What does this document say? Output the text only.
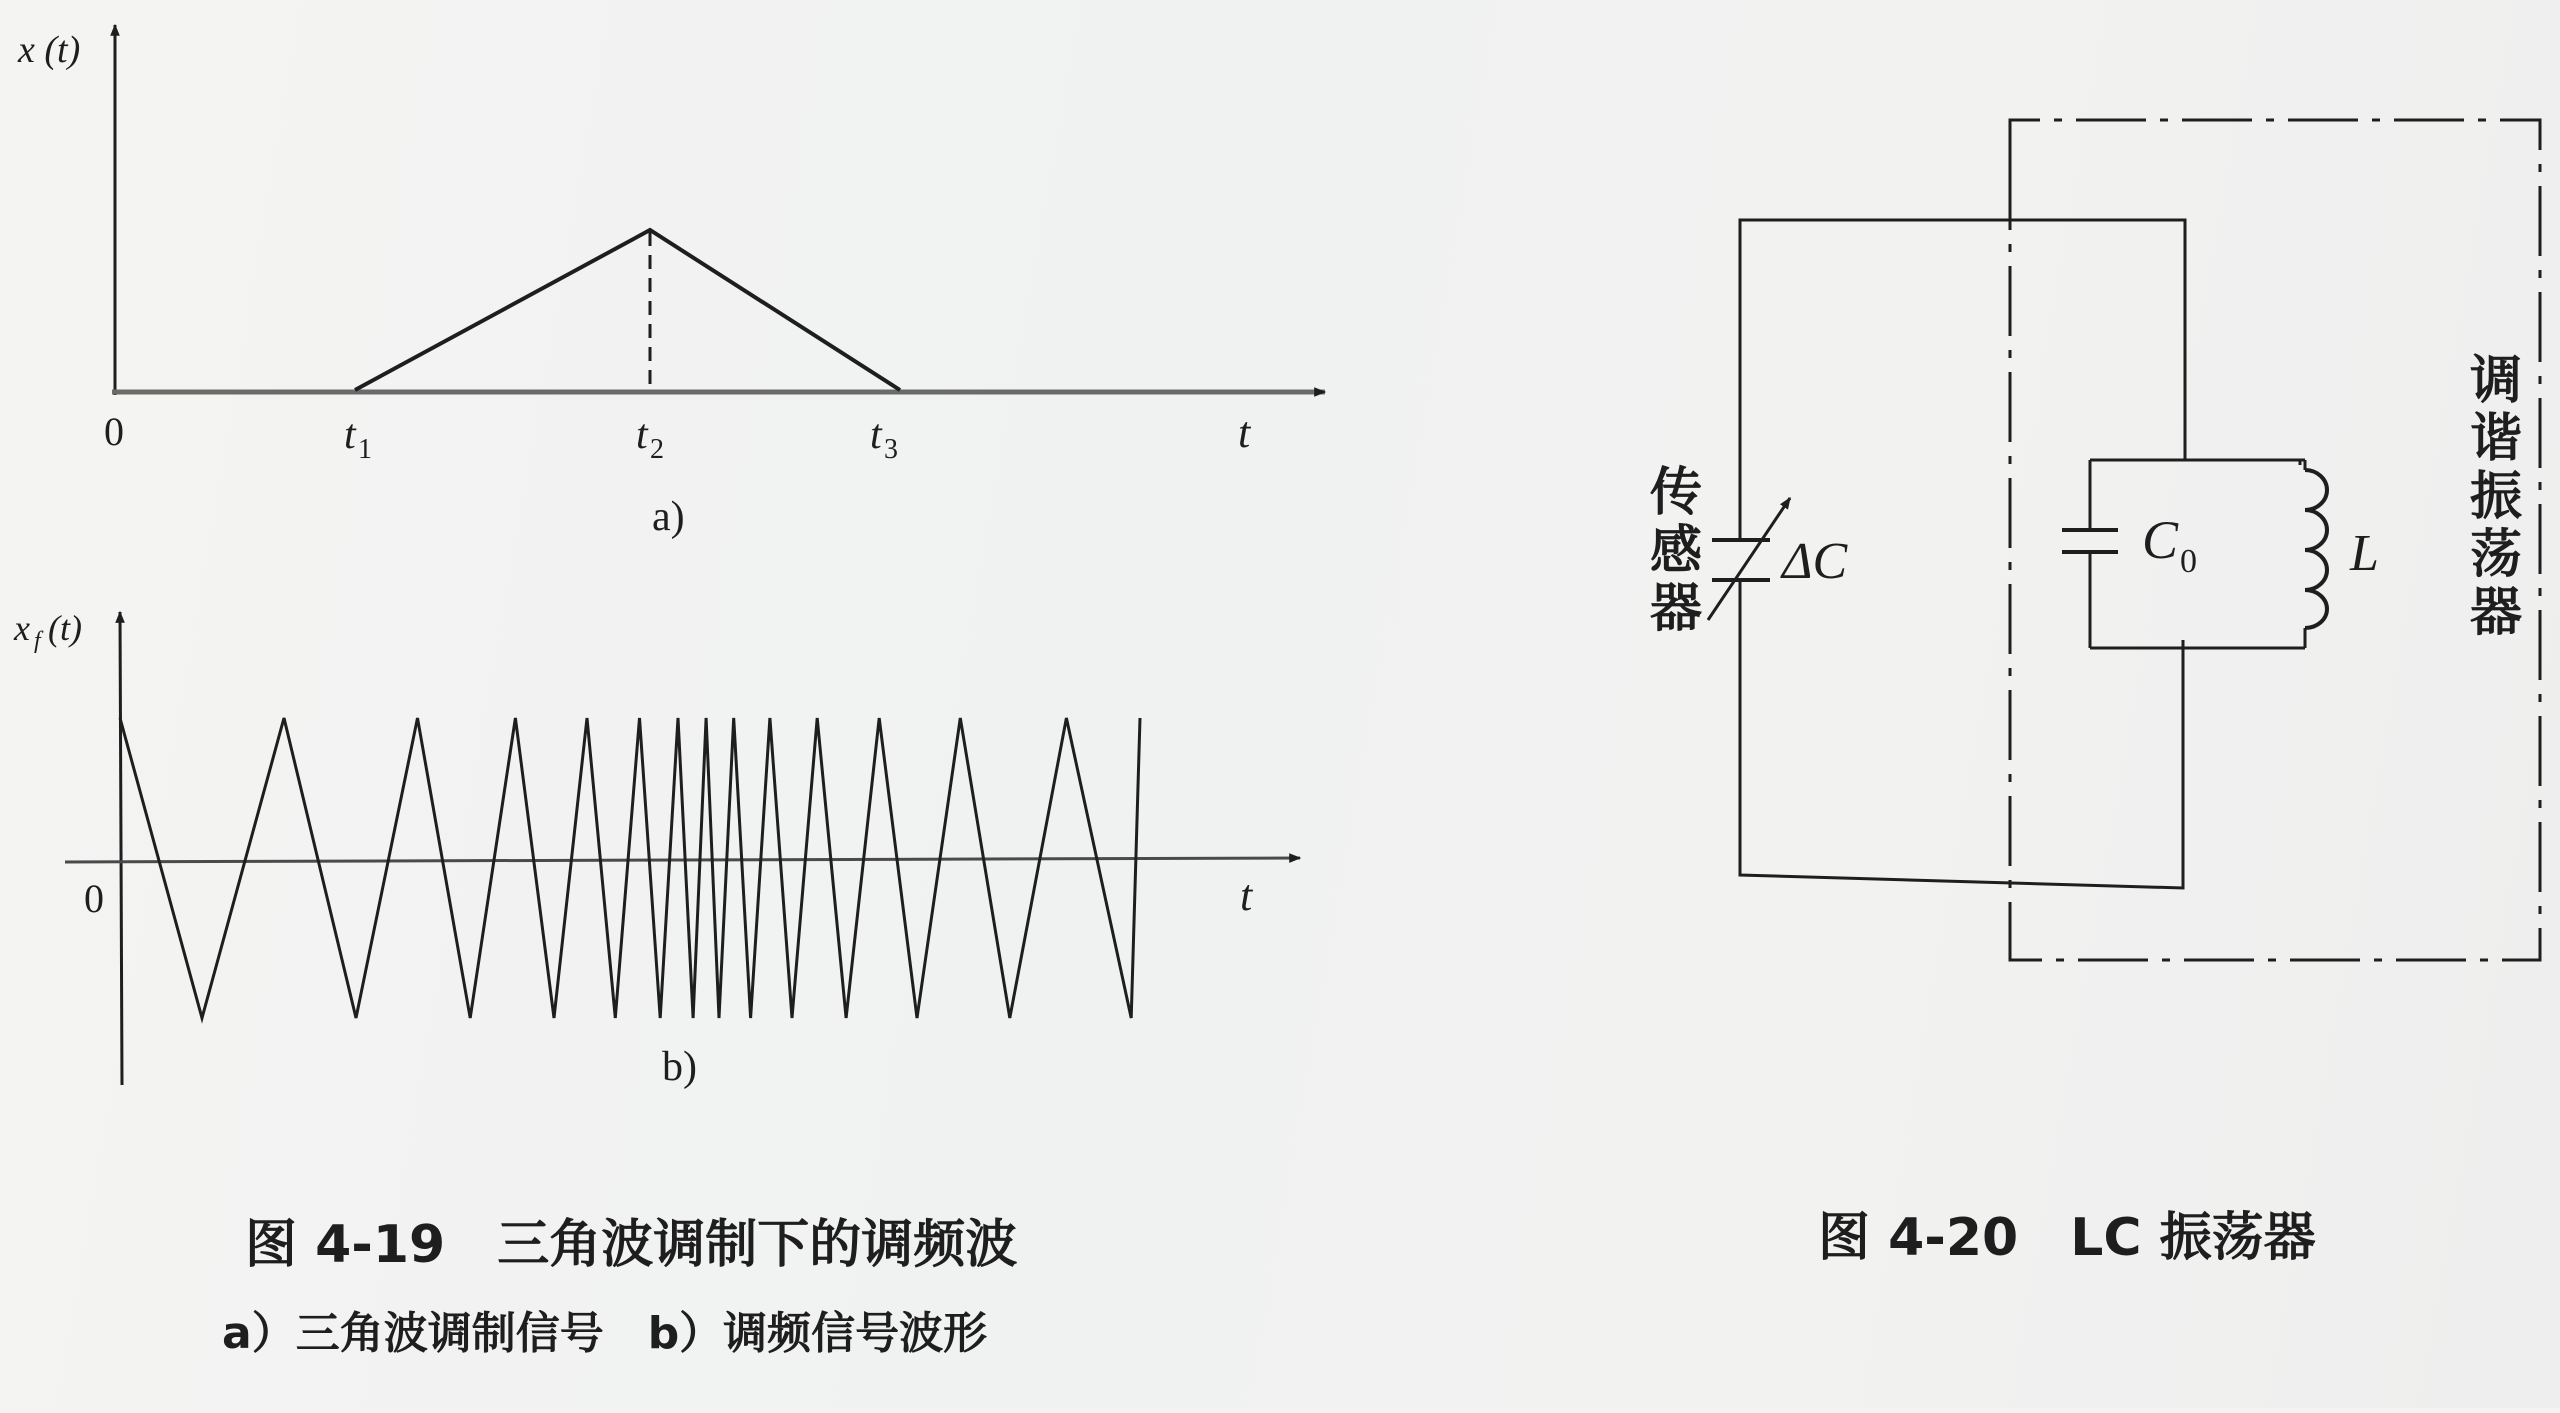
x (t)
0	t 1	t 2	t 3	t
a)
x f (t)
0	t
b)
图 4-19　三角波调制下的调频波
a）三角波调制信号　b）调频信号波形
ΔC
传
感
器
C 0	L
调
谐
振
荡
器
图 4-20　LC 振荡器
